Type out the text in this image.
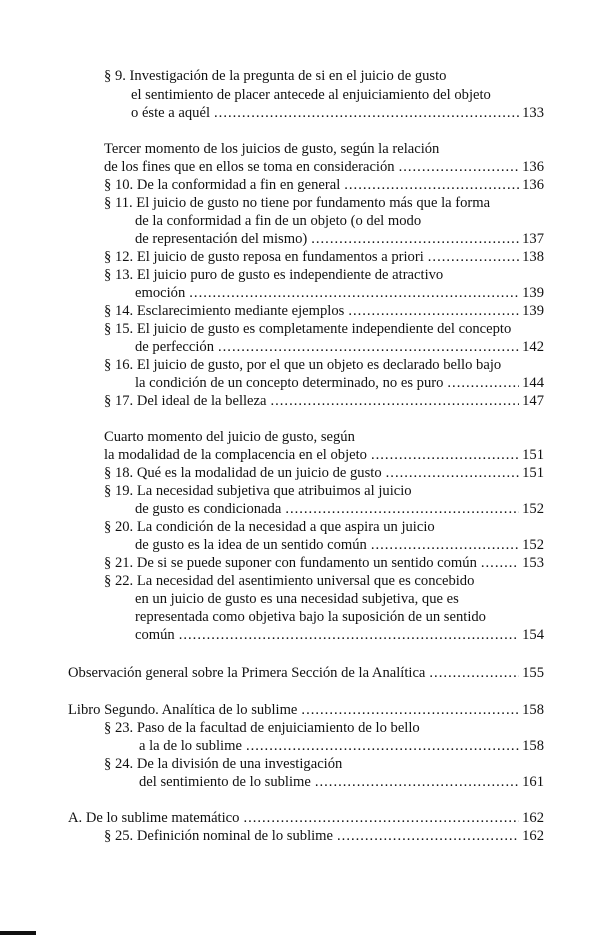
§ 9. Investigación de la pregunta de si en el juicio de gusto
el sentimiento de placer antecede al enjuiciamiento del objeto
o éste a aquél .....	133
Tercer momento de los juicios de gusto, según la relación
de los fines que en ellos se toma en consideración .....	136
§ 10. De la conformidad a fin en general .....	136
§ 11. El juicio de gusto no tiene por fundamento más que la forma
de la conformidad a fin de un objeto (o del modo
de representación del mismo) .....	137
§ 12. El juicio de gusto reposa en fundamentos a priori .....	138
§ 13. El juicio puro de gusto es independiente de atractivo
emoción .....	139
§ 14. Esclarecimiento mediante ejemplos .....	139
§ 15. El juicio de gusto es completamente independiente del concepto
de perfección .....	142
§ 16. El juicio de gusto, por el que un objeto es declarado bello bajo
la condición de un concepto determinado, no es puro .....	144
§ 17. Del ideal de la belleza .....	147
Cuarto momento del juicio de gusto, según
la modalidad de la complacencia en el objeto .....	151
§ 18. Qué es la modalidad de un juicio de gusto .....	151
§ 19. La necesidad subjetiva que atribuimos al juicio
de gusto es condicionada .....	152
§ 20. La condición de la necesidad a que aspira un juicio
de gusto es la idea de un sentido común .....	152
§ 21. De si se puede suponer con fundamento un sentido común .....	153
§ 22. La necesidad del asentimiento universal que es concebido
en un juicio de gusto es una necesidad subjetiva, que es
representada como objetiva bajo la suposición de un sentido
común .....	154
Observación general sobre la Primera Sección de la Analítica .....	155
Libro Segundo. Analítica de lo sublime .....	158
§ 23. Paso de la facultad de enjuiciamiento de lo bello
a la de lo sublime .....	158
§ 24. De la división de una investigación
del sentimiento de lo sublime .....	161
A. De lo sublime matemático .....	162
§ 25. Definición nominal de lo sublime .....	162
